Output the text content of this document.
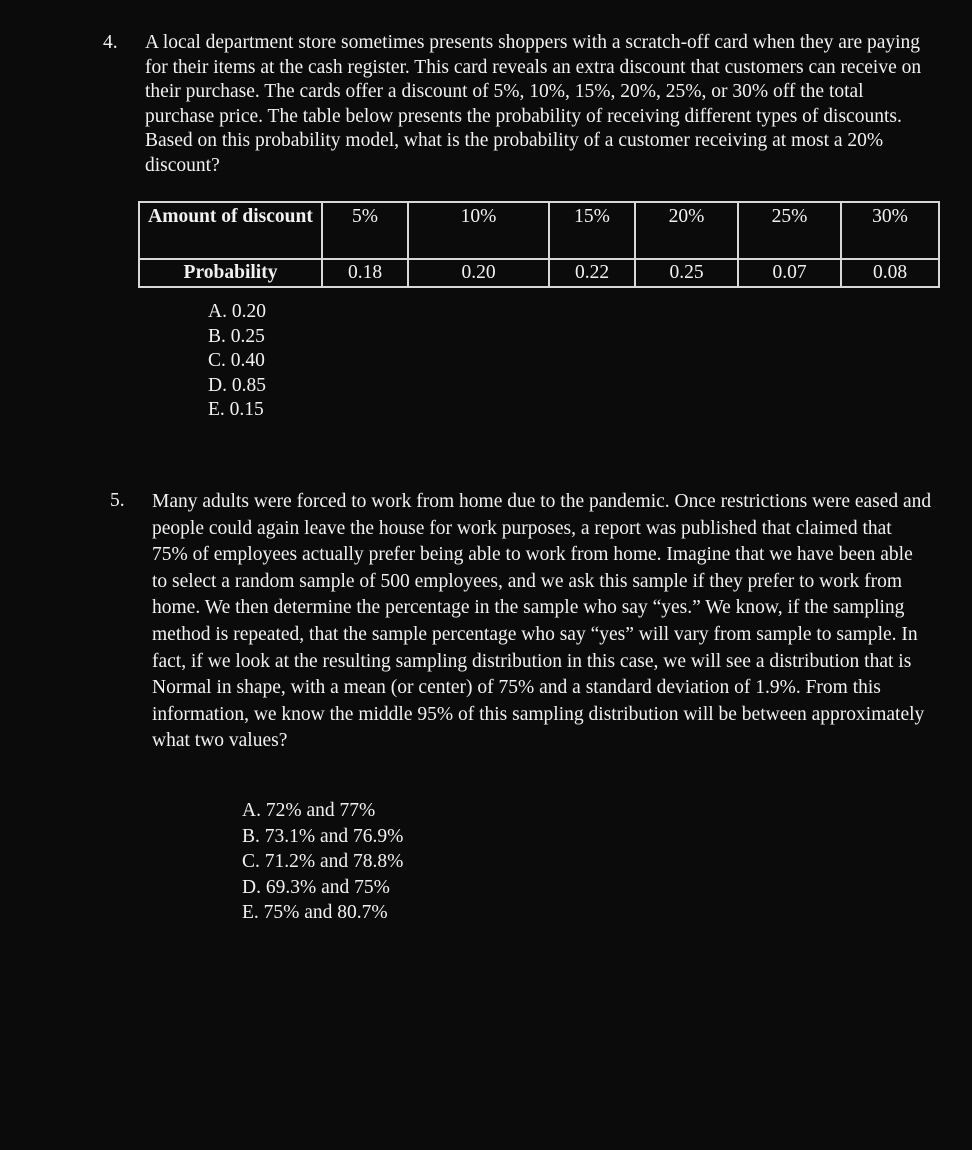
4. A local department store sometimes presents shoppers with a scratch-off card when they are paying for their items at the cash register. This card reveals an extra discount that customers can receive on their purchase. The cards offer a discount of 5%, 10%, 15%, 20%, 25%, or 30% off the total purchase price. The table below presents the probability of receiving different types of discounts. Based on this probability model, what is the probability of a customer receiving at most a 20% discount?
Amount of discount	5%	10%	15%	20%	25%	30%
Probability	0.18	0.20	0.22	0.25	0.07	0.08
A. 0.20
B. 0.25
C. 0.40
D. 0.85
E. 0.15
5. Many adults were forced to work from home due to the pandemic. Once restrictions were eased and people could again leave the house for work purposes, a report was published that claimed that 75% of employees actually prefer being able to work from home. Imagine that we have been able to select a random sample of 500 employees, and we ask this sample if they prefer to work from home. We then determine the percentage in the sample who say “yes.” We know, if the sampling method is repeated, that the sample percentage who say “yes” will vary from sample to sample. In fact, if we look at the resulting sampling distribution in this case, we will see a distribution that is Normal in shape, with a mean (or center) of 75% and a standard deviation of 1.9%. From this information, we know the middle 95% of this sampling distribution will be between approximately what two values?
A. 72% and 77%
B. 73.1% and 76.9%
C. 71.2% and 78.8%
D. 69.3% and 75%
E. 75% and 80.7%
